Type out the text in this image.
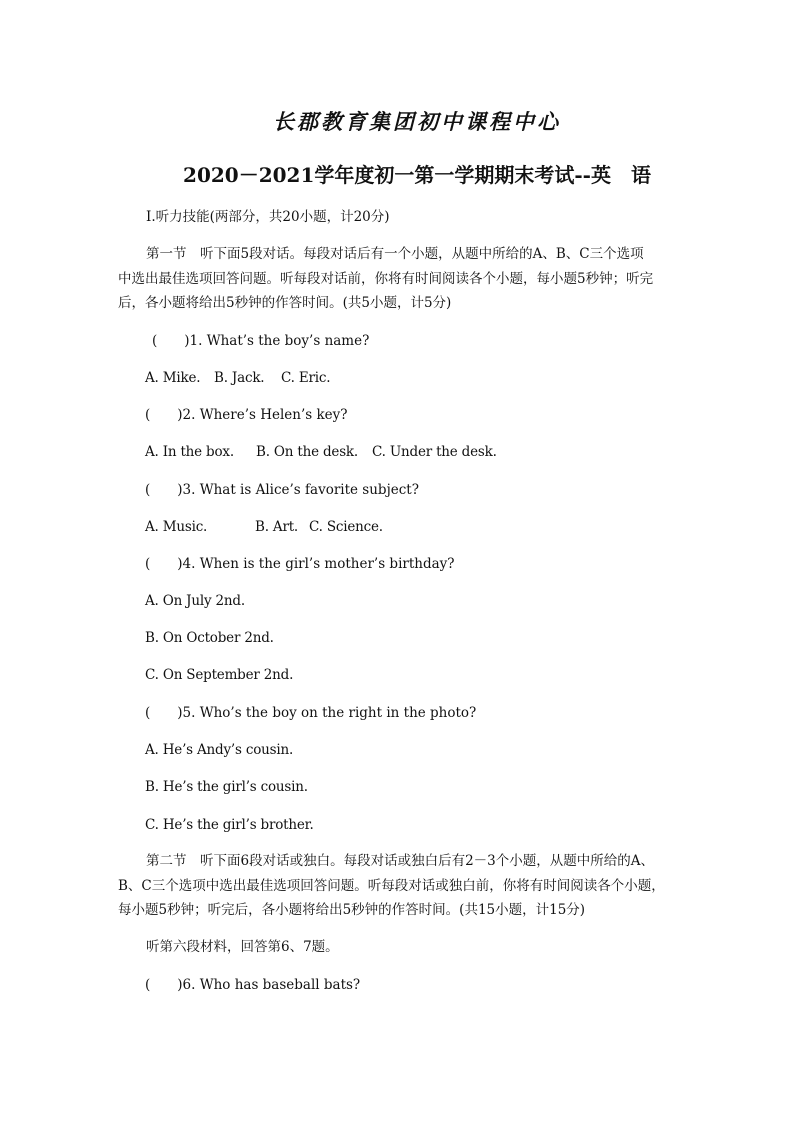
长郡教育集团初中课程中心
2020－2021学年度初一第一学期期末考试--英　语
Ⅰ.听力技能(两部分，共20小题，计20分)
第一节　听下面5段对话。每段对话后有一个小题，从题中所给的A、B、C三个选项
中选出最佳选项回答问题。听每段对话前，你将有时间阅读各个小题，每小题5秒钟；听完
后，各小题将给出5秒钟的作答时间。(共5小题，计5分)
(　　)1. What’s the boy’s name?
A. Mike. B. Jack. C. Eric.
(　　)2. Where’s Helen’s key?
A. In the box. B. On the desk. C. Under the desk.
(　　)3. What is Alice’s favorite subject?
A. Music.	B. Art. C. Science.
(　　)4. When is the girl’s mother’s birthday?
A. On July 2nd.
B. On October 2nd.
C. On September 2nd.
(　　)5. Who’s the boy on the right in the photo?
A. He’s Andy’s cousin.
B. He’s the girl’s cousin.
C. He’s the girl’s brother.
第二节　听下面6段对话或独白。每段对话或独白后有2－3个小题，从题中所给的A、
B、C三个选项中选出最佳选项回答问题。听每段对话或独白前，你将有时间阅读各个小题，
每小题5秒钟；听完后，各小题将给出5秒钟的作答时间。(共15小题，计15分)
听第六段材料，回答第6、7题。
(　　)6. Who has baseball bats?
